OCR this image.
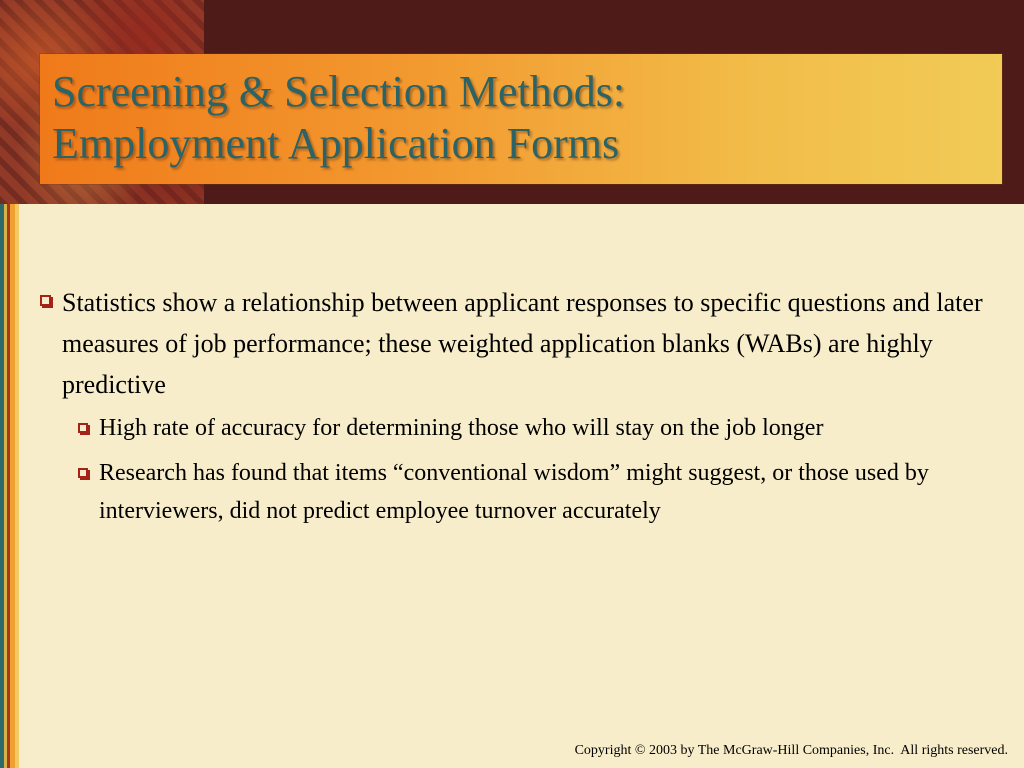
Screening & Selection Methods:
Employment Application Forms
Statistics show a relationship between applicant responses to specific questions and later measures of job performance; these weighted application blanks (WABs) are highly predictive
High rate of accuracy for determining those who will stay on the job longer
Research has found that items “conventional wisdom” might suggest, or those used by interviewers, did not predict employee turnover accurately
Copyright © 2003 by The McGraw-Hill Companies, Inc.  All rights reserved.
